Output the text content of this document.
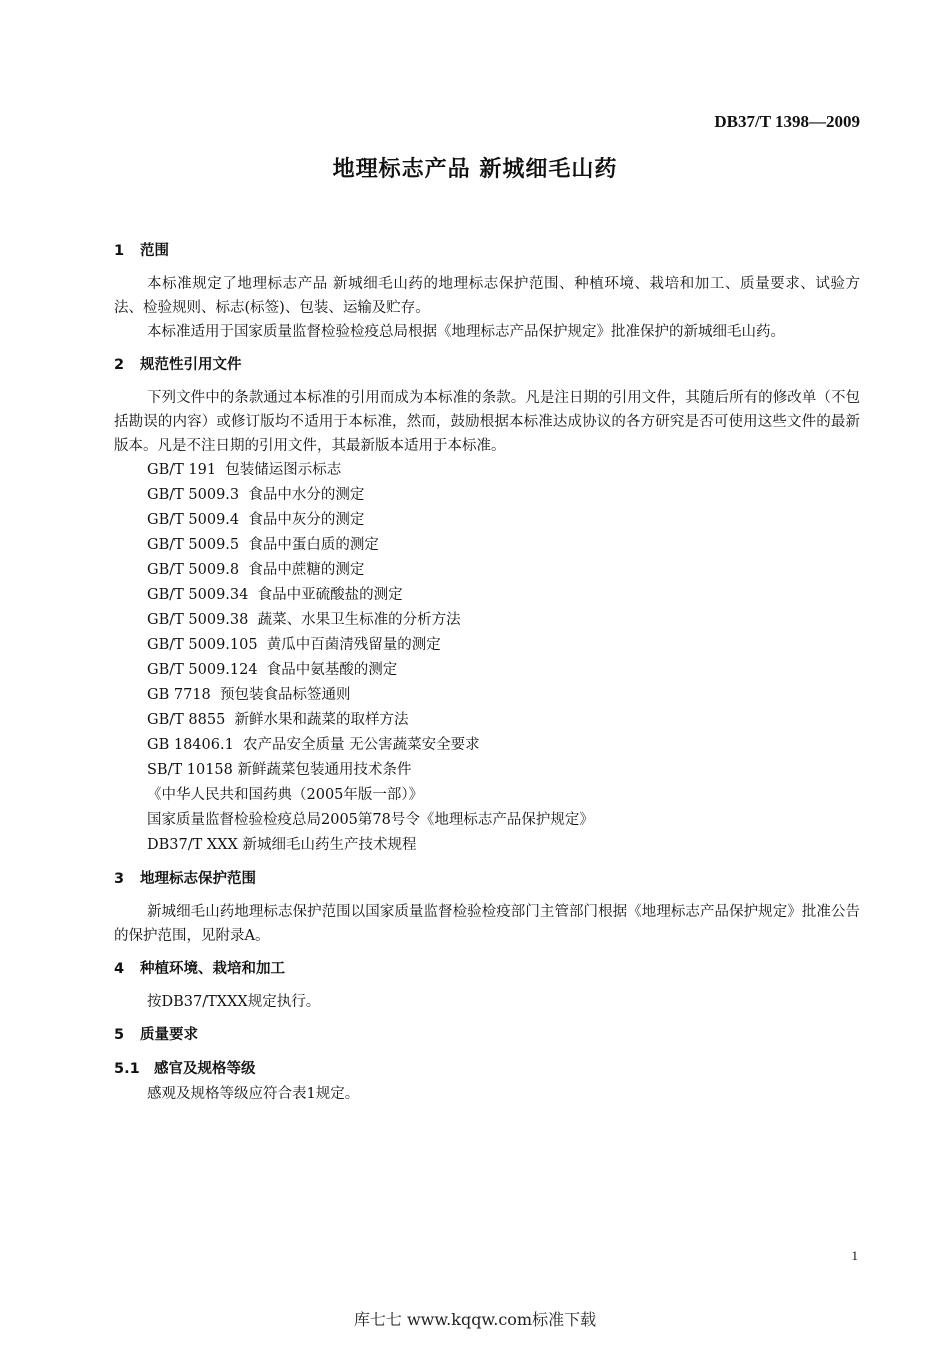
DB37/T 1398—2009
地理标志产品 新城细毛山药
1 范围

本标准规定了地理标志产品 新城细毛山药的地理标志保护范围、种植环境、栽培和加工、质量要求、试验方法、检验规则、标志(标签)、包装、运输及贮存。

本标准适用于国家质量监督检验检疫总局根据《地理标志产品保护规定》批准保护的新城细毛山药。

2 规范性引用文件

下列文件中的条款通过本标准的引用而成为本标准的条款。凡是注日期的引用文件，其随后所有的修改单（不包括勘误的内容）或修订版均不适用于本标准，然而，鼓励根据本标准达成协议的各方研究是否可使用这些文件的最新版本。凡是不注日期的引用文件，其最新版本适用于本标准。

GB/T 191  包装储运图示标志
GB/T 5009.3  食品中水分的测定
GB/T 5009.4  食品中灰分的测定
GB/T 5009.5  食品中蛋白质的测定
GB/T 5009.8  食品中蔗糖的测定
GB/T 5009.34  食品中亚硫酸盐的测定
GB/T 5009.38  蔬菜、水果卫生标准的分析方法
GB/T 5009.105  黄瓜中百菌清残留量的测定
GB/T 5009.124  食品中氨基酸的测定
GB 7718  预包装食品标签通则
GB/T 8855  新鲜水果和蔬菜的取样方法
GB 18406.1  农产品安全质量 无公害蔬菜安全要求
SB/T 10158 新鲜蔬菜包装通用技术条件
《中华人民共和国药典（2005年版一部）》
国家质量监督检验检疫总局2005第78号令《地理标志产品保护规定》
DB37/T XXX 新城细毛山药生产技术规程
3 地理标志保护范围

新城细毛山药地理标志保护范围以国家质量监督检验检疫部门主管部门根据《地理标志产品保护规定》批准公告的保护范围，见附录A。

4 种植环境、栽培和加工

按DB37/TXXX规定执行。

5 质量要求
5.1 感官及规格等级

感观及规格等级应符合表1规定。

1
库七七 www.kqqw.com标准下载
